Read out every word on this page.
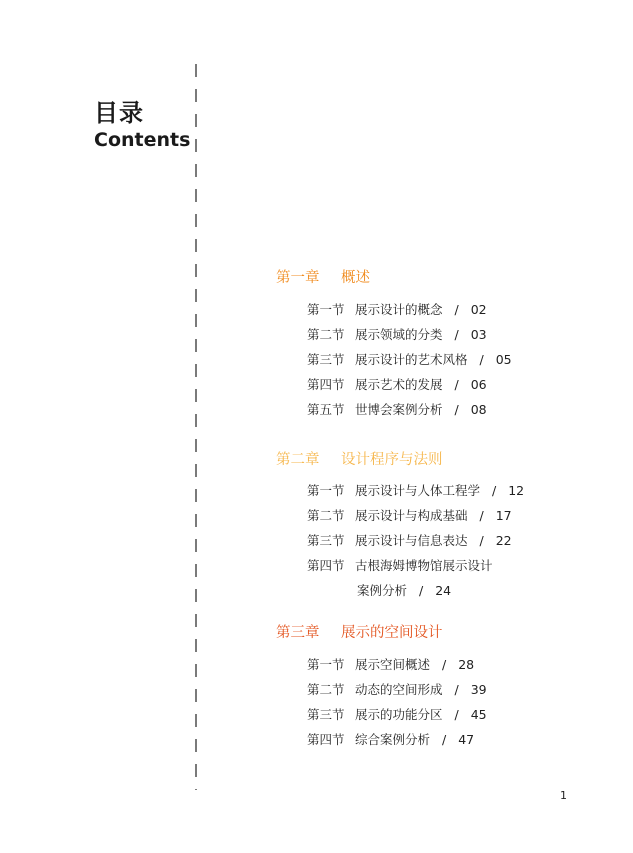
目录
Contents
第一章 概述
第一节 展示设计的概念 / 02
第二节 展示领域的分类 / 03
第三节 展示设计的艺术风格 / 05
第四节 展示艺术的发展 / 06
第五节 世博会案例分析 / 08
第二章 设计程序与法则
第一节 展示设计与人体工程学 / 12
第二节 展示设计与构成基础 / 17
第三节 展示设计与信息表达 / 22
第四节 古根海姆博物馆展示设计
案例分析 / 24
第三章 展示的空间设计
第一节 展示空间概述 / 28
第二节 动态的空间形成 / 39
第三节 展示的功能分区 / 45
第四节 综合案例分析 / 47
1
